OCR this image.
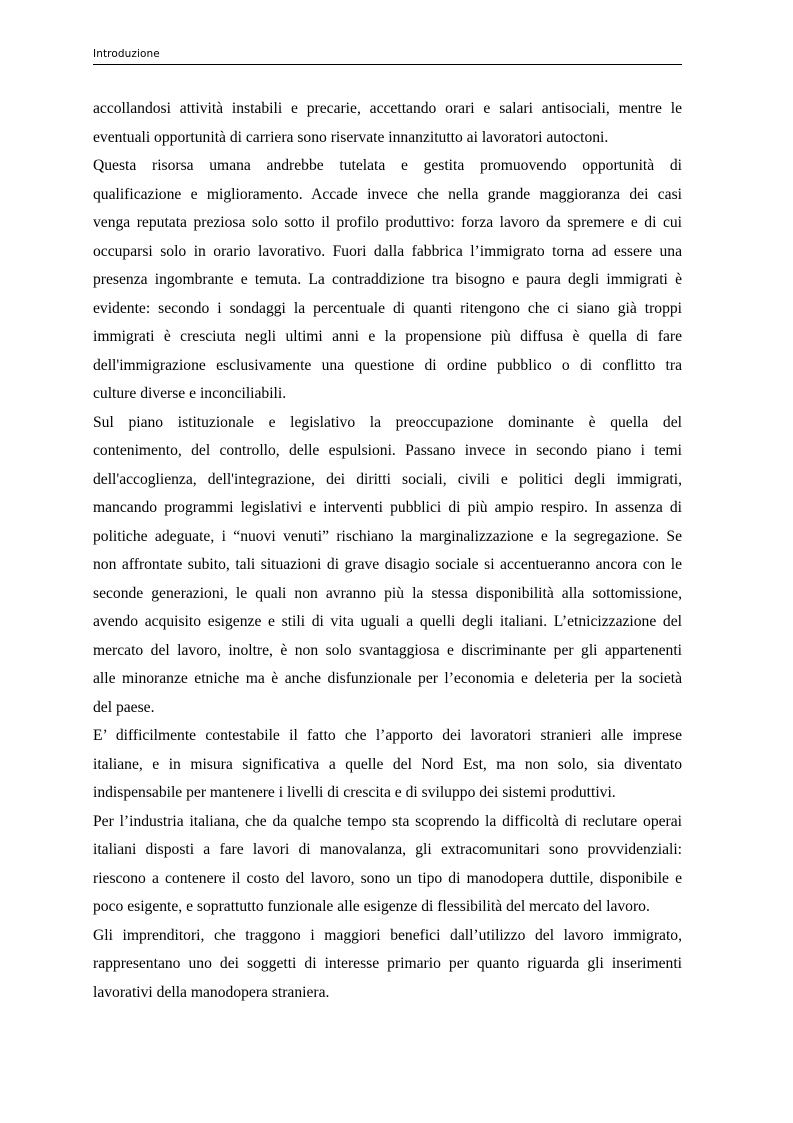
Introduzione

accollandosi attività instabili e precarie, accettando orari e salari antisociali, mentre le
eventuali opportunità di carriera sono riservate innanzitutto ai lavoratori autoctoni.

Questa risorsa umana andrebbe tutelata e gestita promuovendo opportunità di
qualificazione e miglioramento. Accade invece che nella grande maggioranza dei casi
venga reputata preziosa solo sotto il profilo produttivo: forza lavoro da spremere e di cui
occuparsi solo in orario lavorativo. Fuori dalla fabbrica l’immigrato torna ad essere una
presenza ingombrante e temuta. La contraddizione tra bisogno e paura degli immigrati è
evidente: secondo i sondaggi la percentuale di quanti ritengono che ci siano già troppi
immigrati è cresciuta negli ultimi anni e la propensione più diffusa è quella di fare
dell'immigrazione esclusivamente una questione di ordine pubblico o di conflitto tra
culture diverse e inconciliabili.

Sul piano istituzionale e legislativo la preoccupazione dominante è quella del
contenimento, del controllo, delle espulsioni. Passano invece in secondo piano i temi
dell'accoglienza, dell'integrazione, dei diritti sociali, civili e politici degli immigrati,
mancando programmi legislativi e interventi pubblici di più ampio respiro. In assenza di
politiche adeguate, i “nuovi venuti” rischiano la marginalizzazione e la segregazione. Se
non affrontate subito, tali situazioni di grave disagio sociale si accentueranno ancora con le
seconde generazioni, le quali non avranno più la stessa disponibilità alla sottomissione,
avendo acquisito esigenze e stili di vita uguali a quelli degli italiani. L’etnicizzazione del
mercato del lavoro, inoltre, è non solo svantaggiosa e discriminante per gli appartenenti
alle minoranze etniche ma è anche disfunzionale per l’economia e deleteria per la società
del paese.

E’ difficilmente contestabile il fatto che l’apporto dei lavoratori stranieri alle imprese
italiane, e in misura significativa a quelle del Nord Est, ma non solo, sia diventato
indispensabile per mantenere i livelli di crescita e di sviluppo dei sistemi produttivi.

Per l’industria italiana, che da qualche tempo sta scoprendo la difficoltà di reclutare operai
italiani disposti a fare lavori di manovalanza, gli extracomunitari sono provvidenziali:
riescono a contenere il costo del lavoro, sono un tipo di manodopera duttile, disponibile e
poco esigente, e soprattutto funzionale alle esigenze di flessibilità del mercato del lavoro.

Gli imprenditori, che traggono i maggiori benefici dall’utilizzo del lavoro immigrato,
rappresentano uno dei soggetti di interesse primario per quanto riguarda gli inserimenti
lavorativi della manodopera straniera.
